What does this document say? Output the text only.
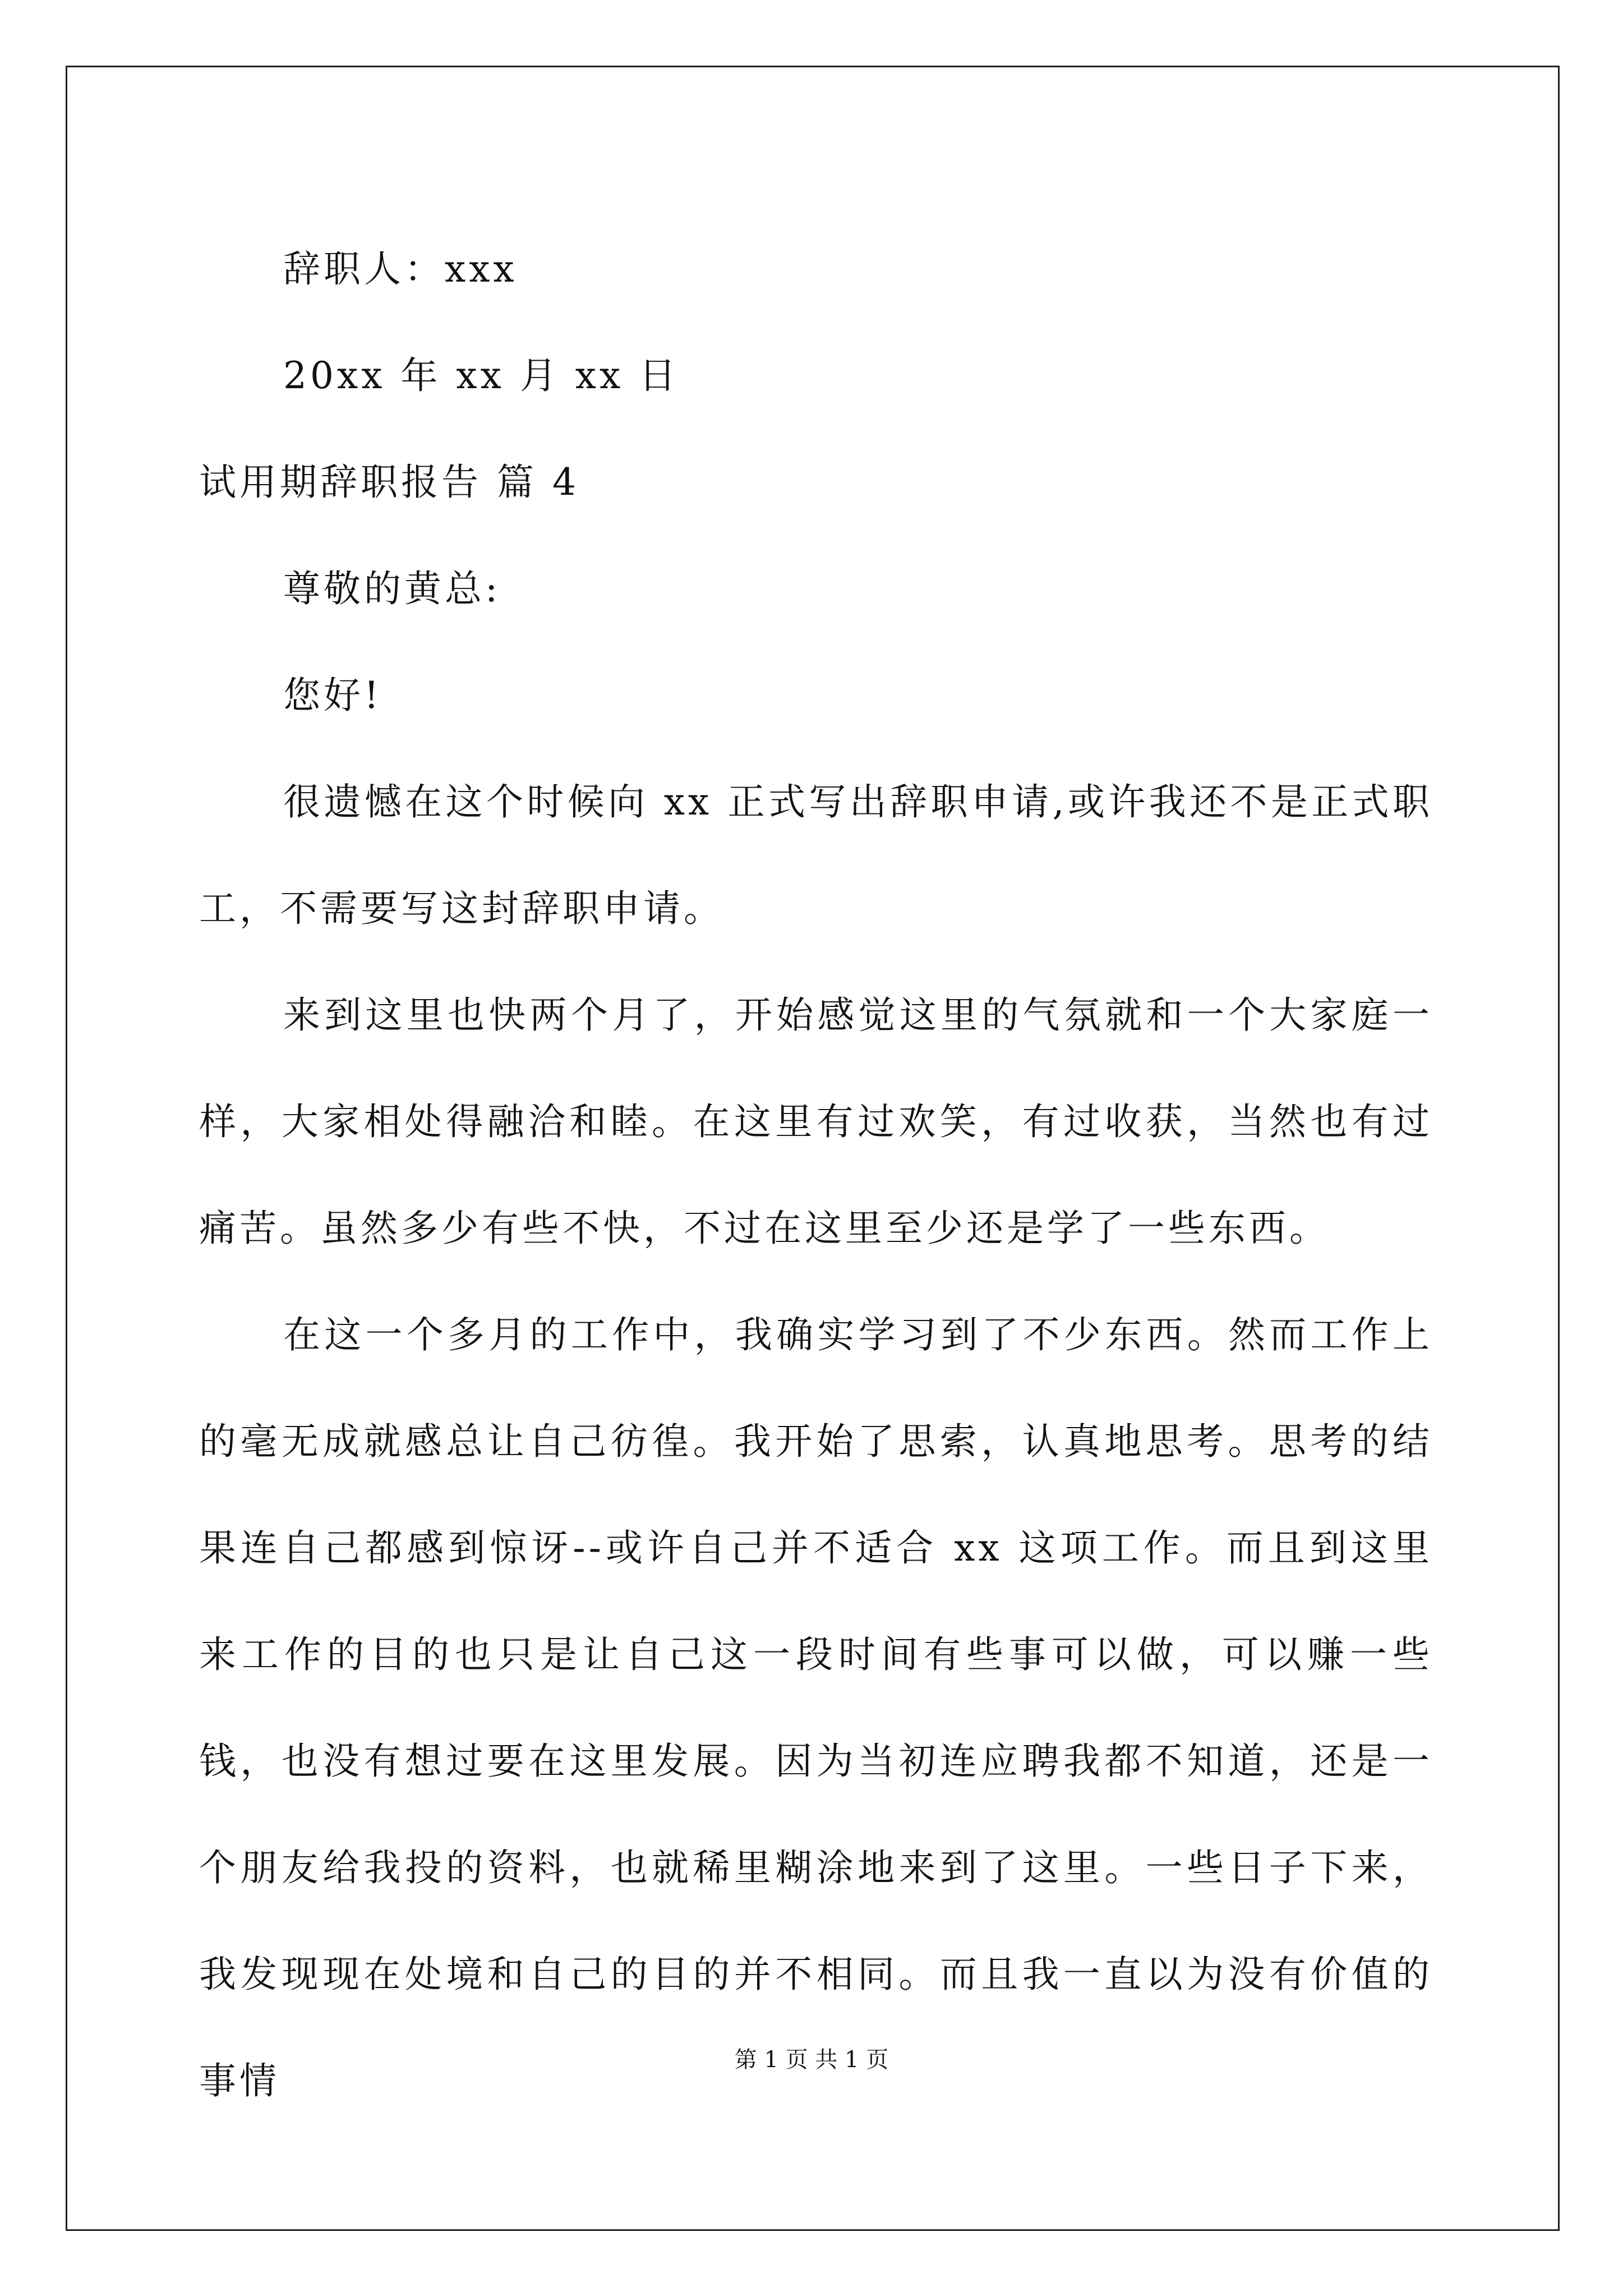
辞职人：xxx
20xx 年 xx 月 xx 日
试用期辞职报告 篇 4
尊敬的黄总:
您好!

很遗憾在这个时候向 xx 正式写出辞职申请,或许我还不是正式职工，不需要写这封辞职申请。

来到这里也快两个月了，开始感觉这里的气氛就和一个大家庭一样，大家相处得融洽和睦。在这里有过欢笑，有过收获，当然也有过痛苦。虽然多少有些不快，不过在这里至少还是学了一些东西。

在这一个多月的工作中，我确实学习到了不少东西。然而工作上的毫无成就感总让自己彷徨。我开始了思索，认真地思考。思考的结果连自己都感到惊讶--或许自己并不适合 xx 这项工作。而且到这里来工作的目的也只是让自己这一段时间有些事可以做，可以赚一些钱，也没有想过要在这里发展。因为当初连应聘我都不知道，还是一个朋友给我投的资料，也就稀里糊涂地来到了这里。一些日子下来，我发现现在处境和自己的目的并不相同。而且我一直以为没有价值的事情	第 1 页 共 1 页
